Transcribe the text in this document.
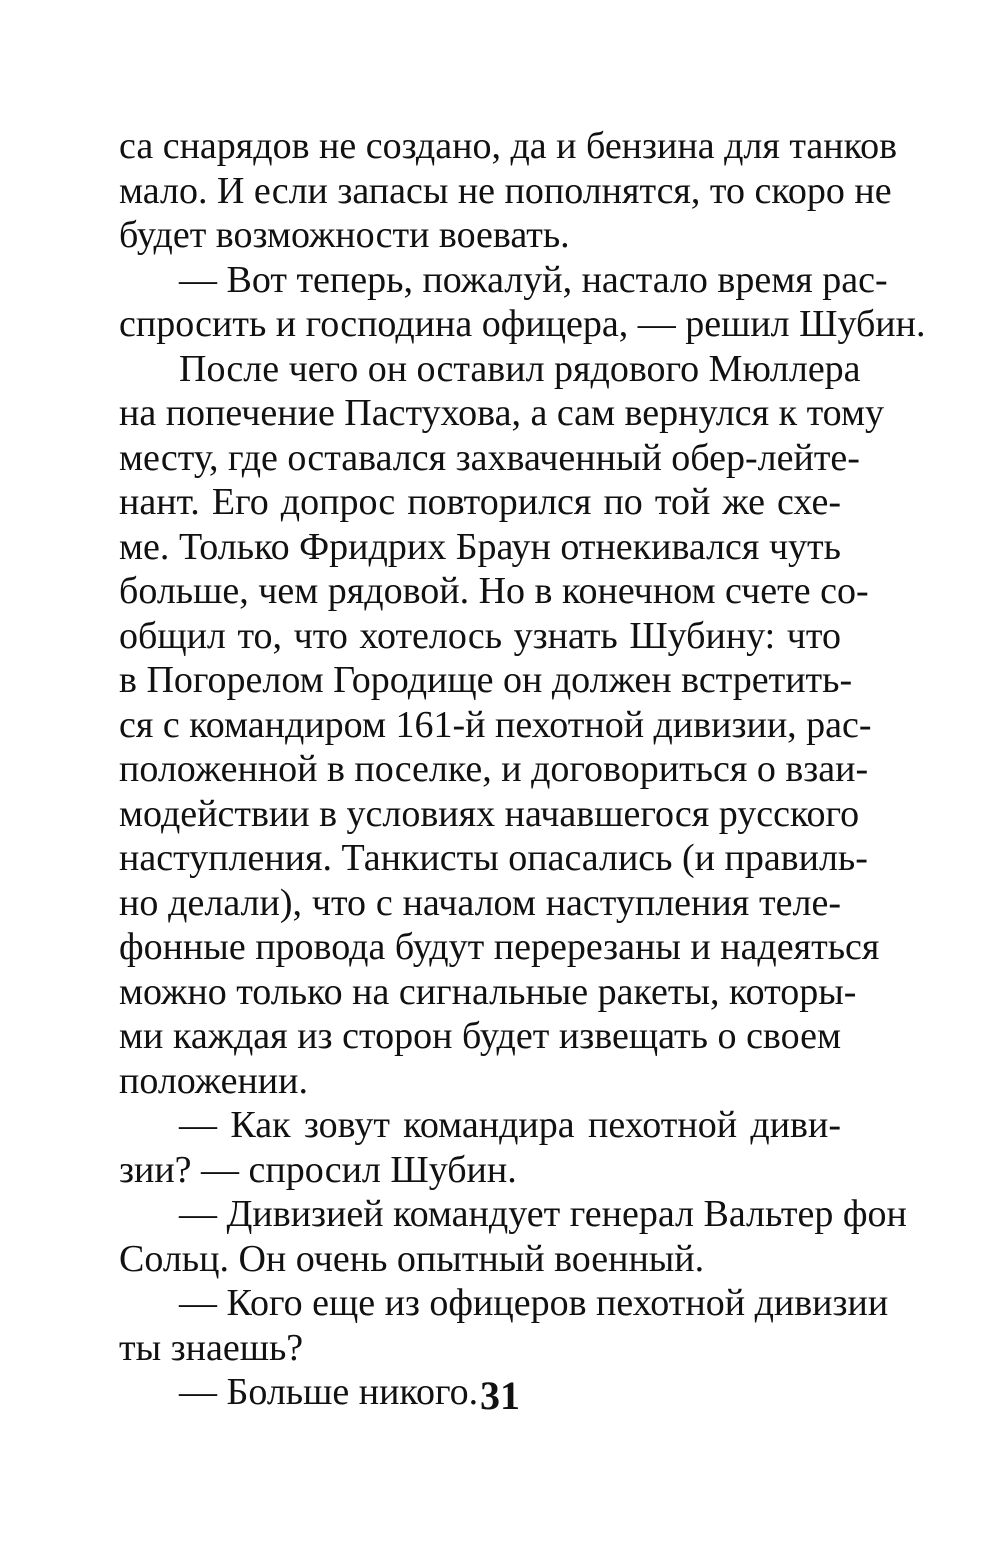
са снарядов не создано, да и бензина для танков
мало. И если запасы не пополнятся, то скоро не
будет возможности воевать.
— Вот теперь, пожалуй, настало время рас-
спросить и господина офицера, — решил Шубин.
После чего он оставил рядового Мюллера
на попечение Пастухова, а сам вернулся к тому
месту, где оставался захваченный обер-лейте-
нант. Его допрос повторился по той же схе-
ме. Только Фридрих Браун отнекивался чуть
больше, чем рядовой. Но в конечном счете со-
общил то, что хотелось узнать Шубину: что
в Погорелом Городище он должен встретить-
ся с командиром 161-й пехотной дивизии, рас-
положенной в поселке, и договориться о взаи-
модействии в условиях начавшегося русского
наступления. Танкисты опасались (и правиль-
но делали), что с началом наступления теле-
фонные провода будут перерезаны и надеяться
можно только на сигнальные ракеты, которы-
ми каждая из сторон будет извещать о своем
положении.
— Как зовут командира пехотной диви-
зии? — спросил Шубин.
— Дивизией командует генерал Вальтер фон
Сольц. Он очень опытный военный.
— Кого еще из офицеров пехотной дивизии
ты знаешь?
— Больше никого. 31
